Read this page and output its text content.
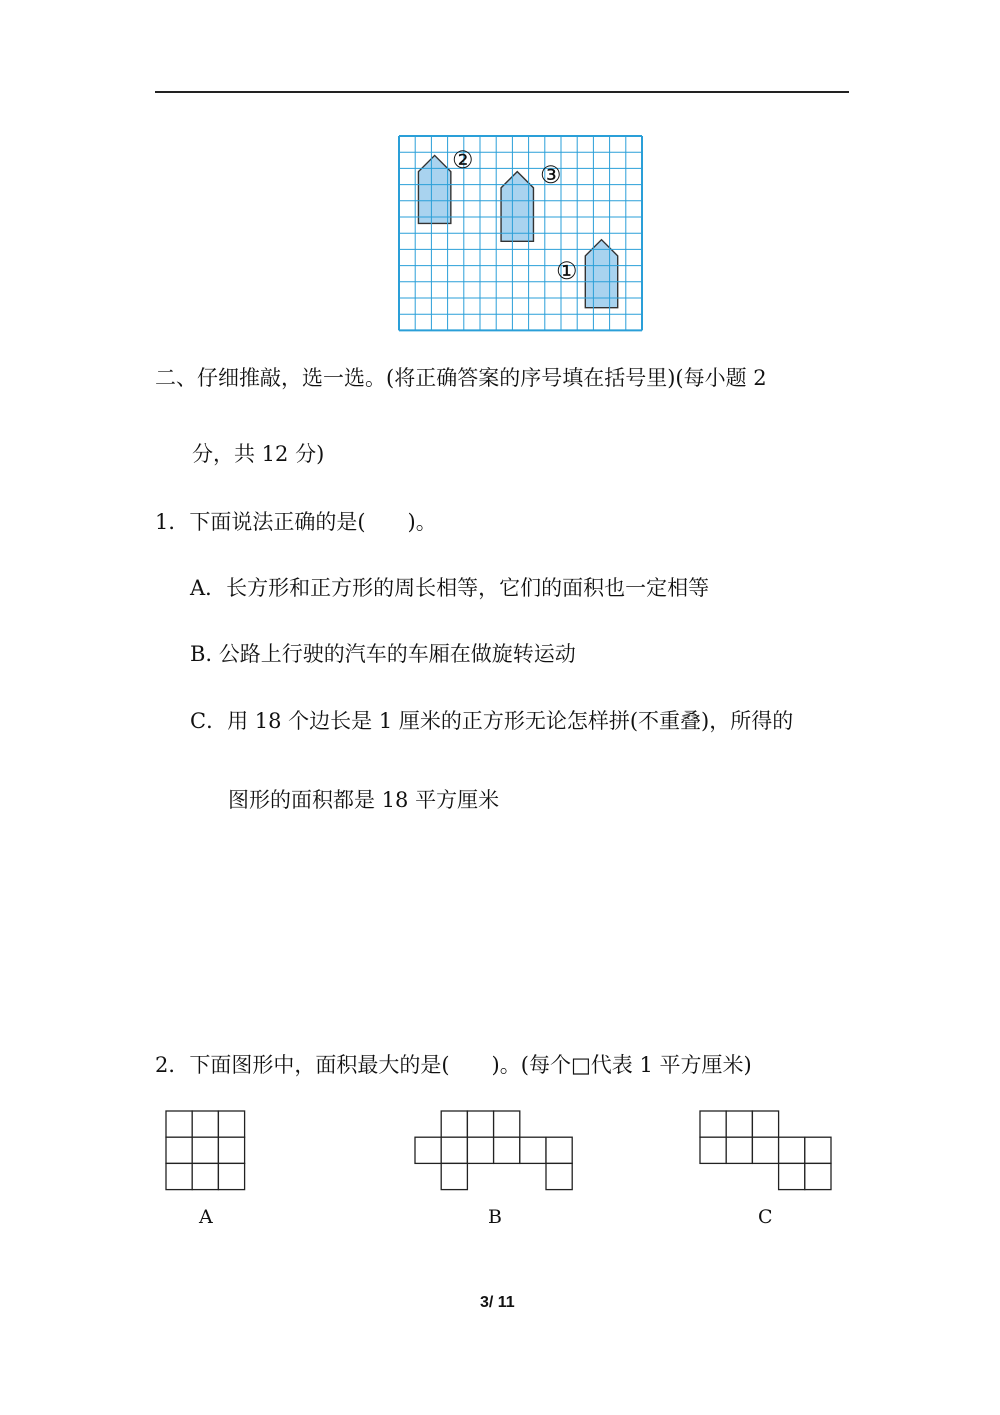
②
③
①
二、仔细推敲，选一选。(将正确答案的序号填在括号里)(每小题 2
分，共 12 分)
1．下面说法正确的是(　　)。
A．长方形和正方形的周长相等，它们的面积也一定相等
B. 公路上行驶的汽车的车厢在做旋转运动
C．用 18 个边长是 1 厘米的正方形无论怎样拼(不重叠)，所得的
图形的面积都是 18 平方厘米
2．下面图形中，面积最大的是(　　)。(每个□代表 1 平方厘米)
A	B	C
3/ 11
